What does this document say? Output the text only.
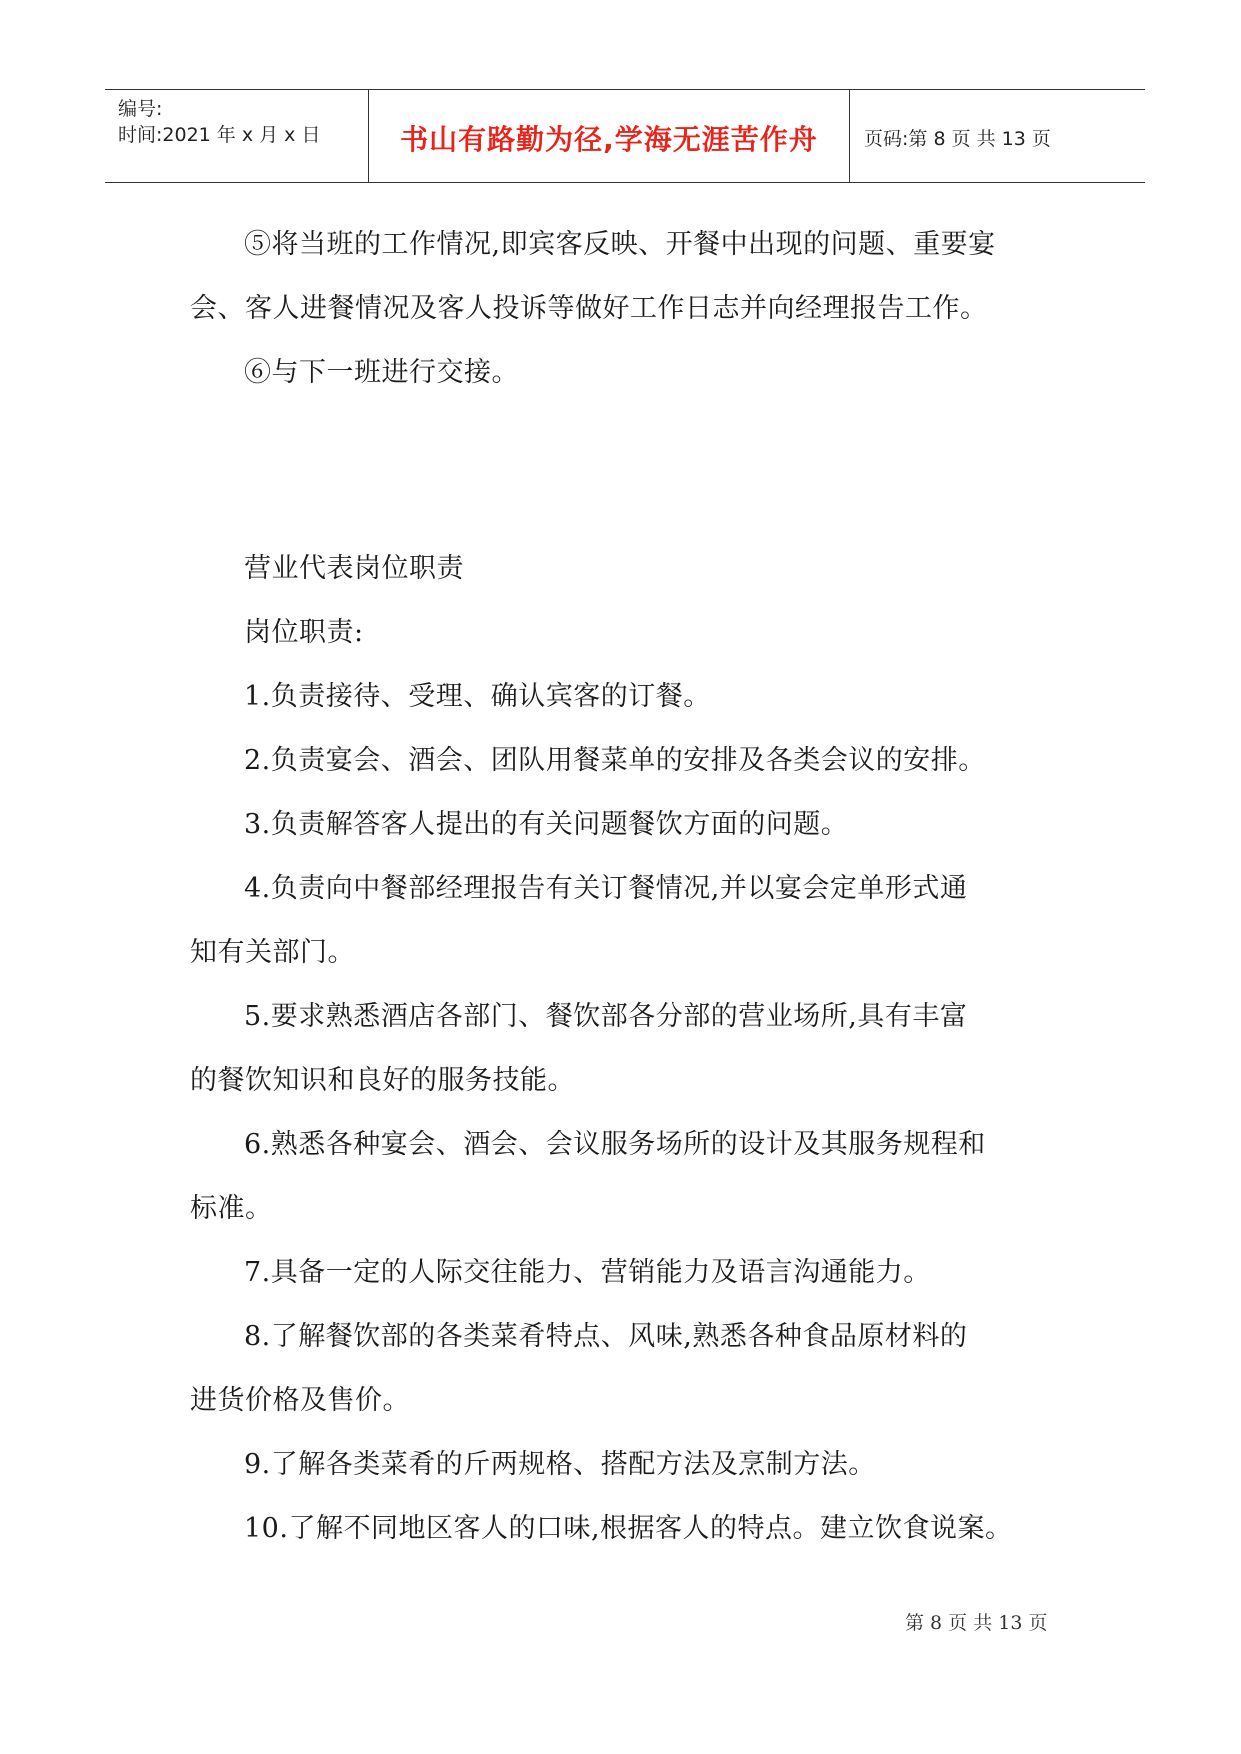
编号:
时间:2021 年 x 月 x 日	书山有路勤为径,学海无涯苦作舟	页码:第 8 页 共 13 页
⑤将当班的工作情况,即宾客反映、开餐中出现的问题、重要宴
会、客人进餐情况及客人投诉等做好工作日志并向经理报告工作。
⑥与下一班进行交接。
营业代表岗位职责
岗位职责:
1.负责接待、受理、确认宾客的订餐。
2.负责宴会、酒会、团队用餐菜单的安排及各类会议的安排。
3.负责解答客人提出的有关问题餐饮方面的问题。
4.负责向中餐部经理报告有关订餐情况,并以宴会定单形式通
知有关部门。
5.要求熟悉酒店各部门、餐饮部各分部的营业场所,具有丰富
的餐饮知识和良好的服务技能。
6.熟悉各种宴会、酒会、会议服务场所的设计及其服务规程和
标准。
7.具备一定的人际交往能力、营销能力及语言沟通能力。
8.了解餐饮部的各类菜肴特点、风味,熟悉各种食品原材料的
进货价格及售价。
9.了解各类菜肴的斤两规格、搭配方法及烹制方法。
10.了解不同地区客人的口味,根据客人的特点。建立饮食说案。
第 8 页 共 13 页
